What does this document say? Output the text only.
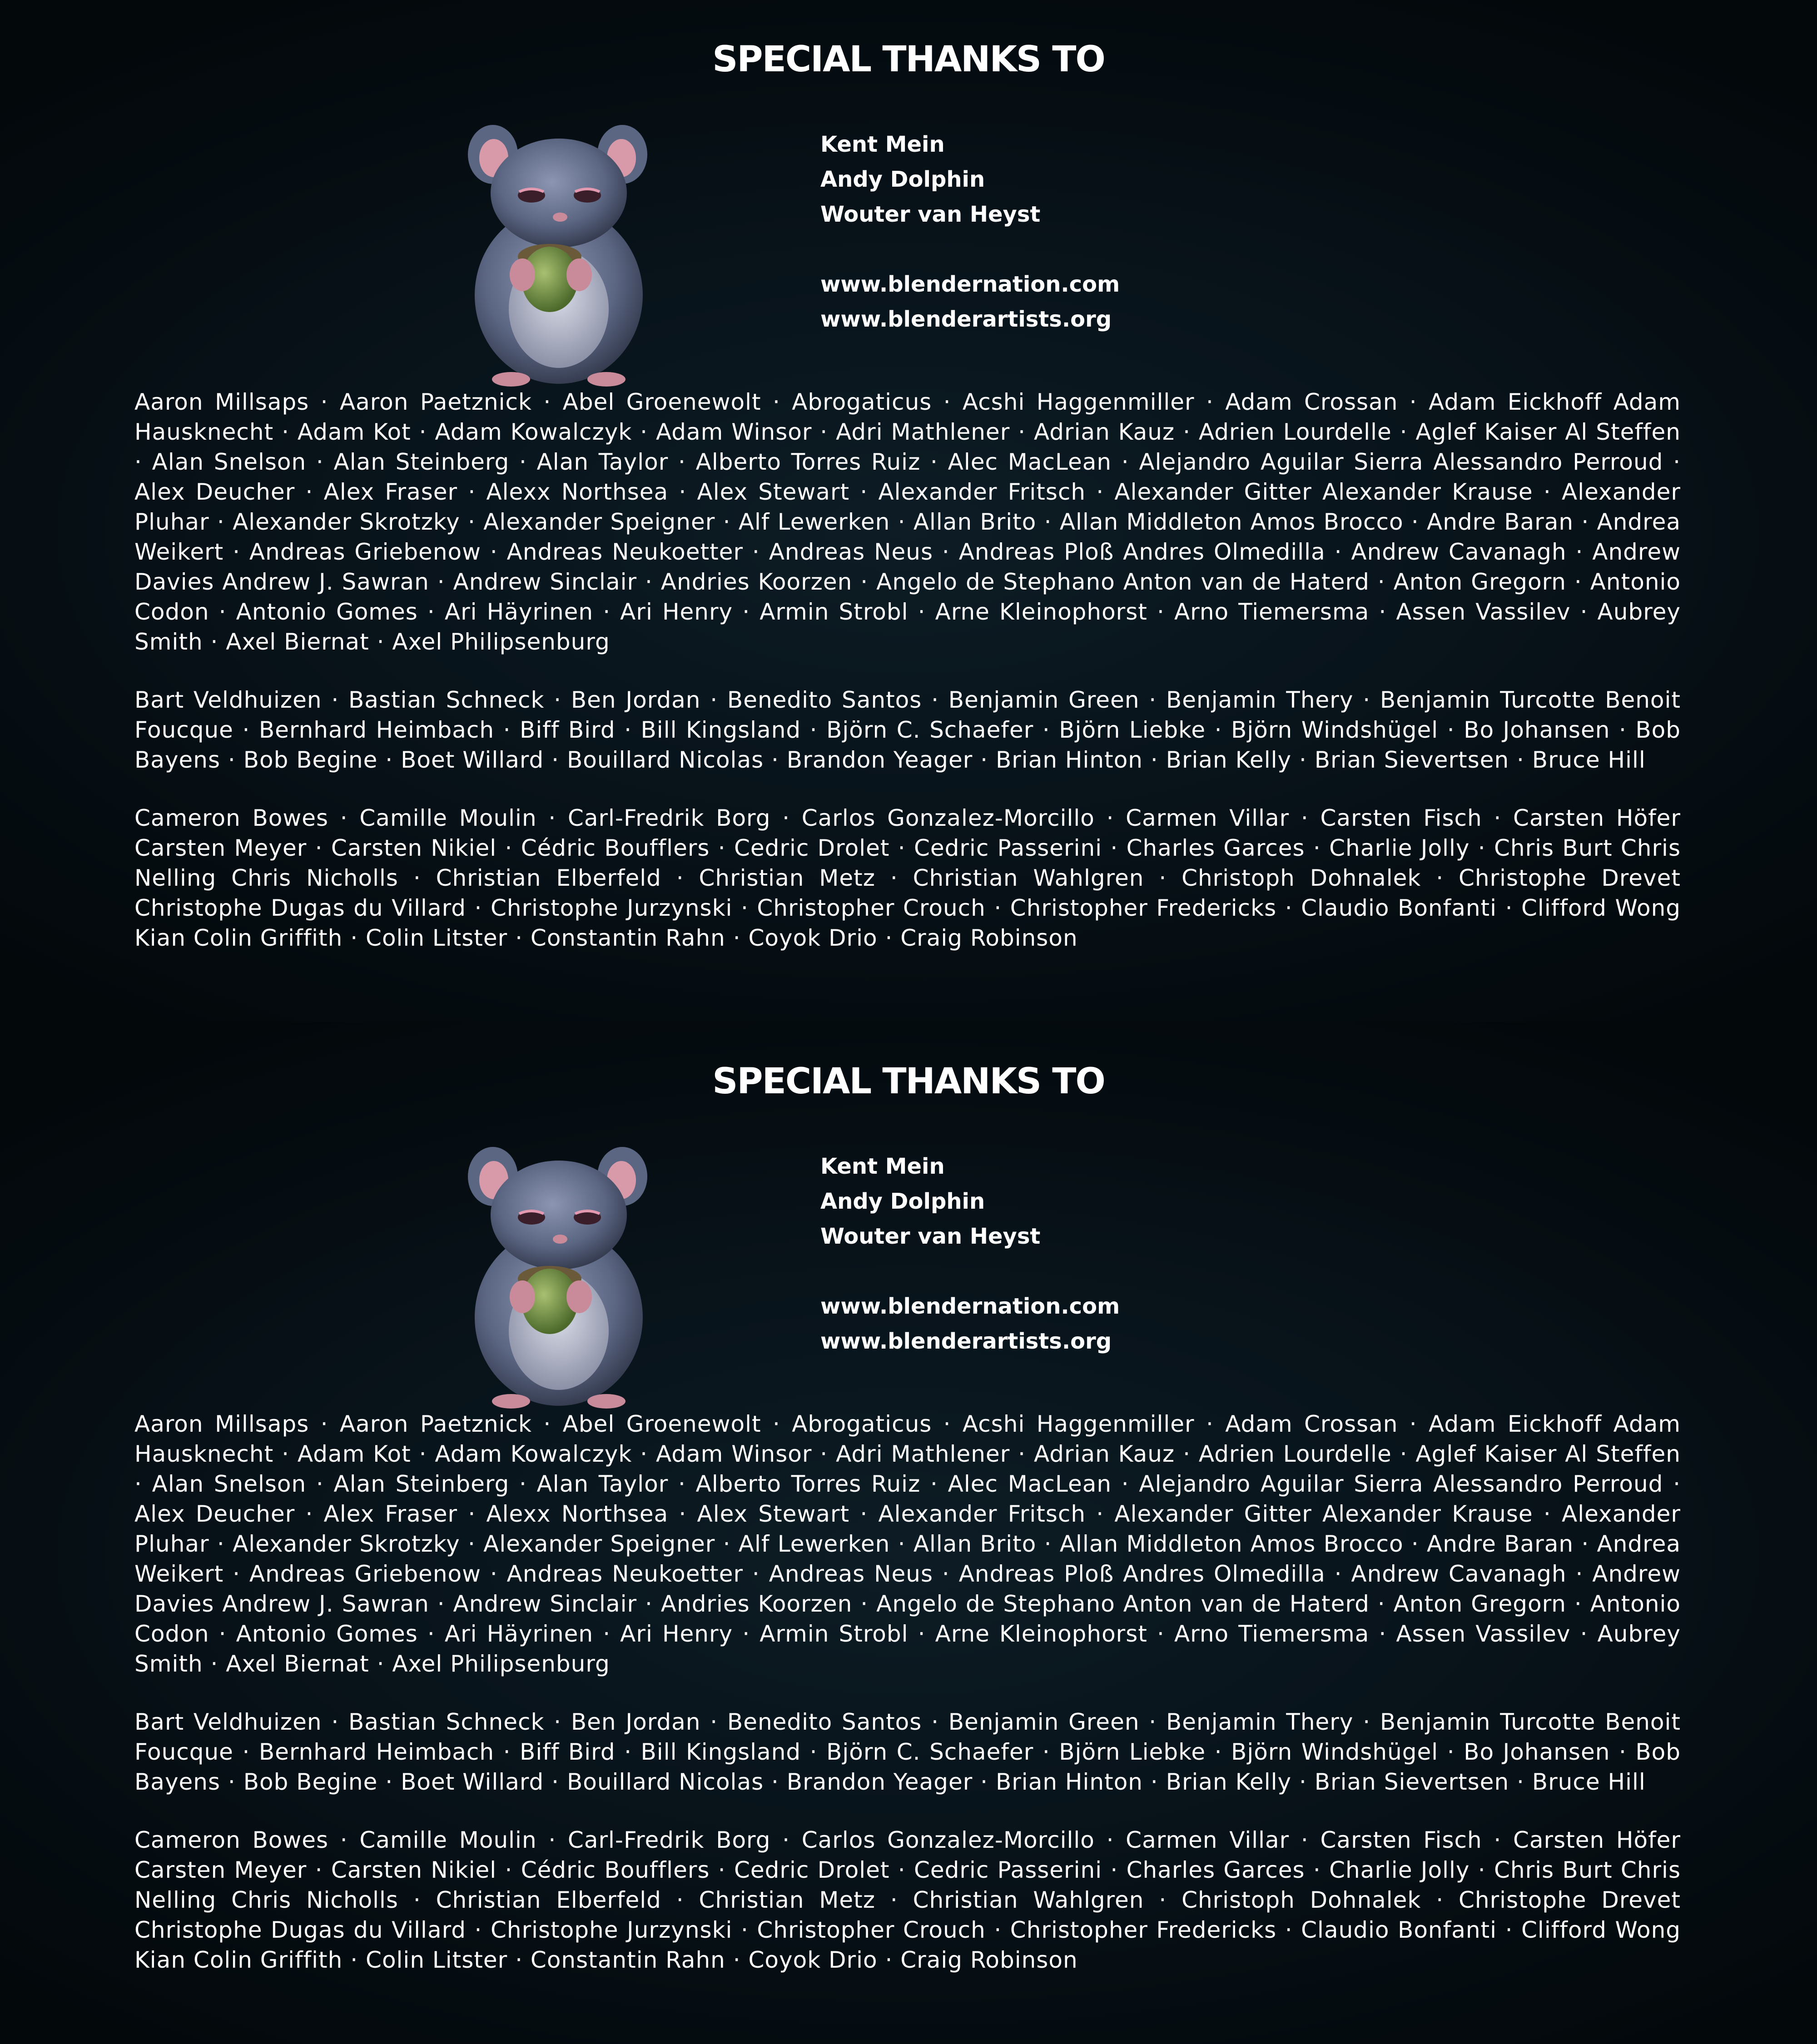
SPECIAL THANKS TO
Kent Mein
Andy Dolphin
Wouter van Heyst
www.blendernation.com
www.blenderartists.org

Aaron Millsaps · Aaron Paetznick · Abel Groenewolt · Abrogaticus · Acshi Haggenmiller · Adam Crossan · Adam Eickhoff Adam Hausknecht · Adam Kot · Adam Kowalczyk · Adam Winsor · Adri Mathlener · Adrian Kauz · Adrien Lourdelle · Aglef Kaiser Al Steffen · Alan Snelson · Alan Steinberg · Alan Taylor · Alberto Torres Ruiz · Alec MacLean · Alejandro Aguilar Sierra Alessandro Perroud · Alex Deucher · Alex Fraser · Alexx Northsea · Alex Stewart · Alexander Fritsch · Alexander Gitter Alexander Krause · Alexander Pluhar · Alexander Skrotzky · Alexander Speigner · Alf Lewerken · Allan Brito · Allan Middleton Amos Brocco · Andre Baran · Andrea Weikert · Andreas Griebenow · Andreas Neukoetter · Andreas Neus · Andreas Ploß Andres Olmedilla · Andrew Cavanagh · Andrew Davies Andrew J. Sawran · Andrew Sinclair · Andries Koorzen · Angelo de Stephano Anton van de Haterd · Anton Gregorn · Antonio Codon · Antonio Gomes · Ari Häyrinen · Ari Henry · Armin Strobl · Arne Kleinophorst · Arno Tiemersma · Assen Vassilev · Aubrey Smith · Axel Biernat · Axel Philipsenburg

Bart Veldhuizen · Bastian Schneck · Ben Jordan · Benedito Santos · Benjamin Green · Benjamin Thery · Benjamin Turcotte Benoit Foucque · Bernhard Heimbach · Biff Bird · Bill Kingsland · Björn C. Schaefer · Björn Liebke · Björn Windshügel · Bo Johansen · Bob Bayens · Bob Begine · Boet Willard · Bouillard Nicolas · Brandon Yeager · Brian Hinton · Brian Kelly · Brian Sievertsen · Bruce Hill

Cameron Bowes · Camille Moulin · Carl-Fredrik Borg · Carlos Gonzalez-Morcillo · Carmen Villar · Carsten Fisch · Carsten Höfer Carsten Meyer · Carsten Nikiel · Cédric Boufflers · Cedric Drolet · Cedric Passerini · Charles Garces · Charlie Jolly · Chris Burt Chris Nelling Chris Nicholls · Christian Elberfeld · Christian Metz · Christian Wahlgren · Christoph Dohnalek · Christophe Drevet Christophe Dugas du Villard · Christophe Jurzynski · Christopher Crouch · Christopher Fredericks · Claudio Bonfanti · Clifford Wong Kian Colin Griffith · Colin Litster · Constantin Rahn · Coyok Drio · Craig Robinson

SPECIAL THANKS TO
Kent Mein
Andy Dolphin
Wouter van Heyst
www.blendernation.com
www.blenderartists.org

Aaron Millsaps · Aaron Paetznick · Abel Groenewolt · Abrogaticus · Acshi Haggenmiller · Adam Crossan · Adam Eickhoff Adam Hausknecht · Adam Kot · Adam Kowalczyk · Adam Winsor · Adri Mathlener · Adrian Kauz · Adrien Lourdelle · Aglef Kaiser Al Steffen · Alan Snelson · Alan Steinberg · Alan Taylor · Alberto Torres Ruiz · Alec MacLean · Alejandro Aguilar Sierra Alessandro Perroud · Alex Deucher · Alex Fraser · Alexx Northsea · Alex Stewart · Alexander Fritsch · Alexander Gitter Alexander Krause · Alexander Pluhar · Alexander Skrotzky · Alexander Speigner · Alf Lewerken · Allan Brito · Allan Middleton Amos Brocco · Andre Baran · Andrea Weikert · Andreas Griebenow · Andreas Neukoetter · Andreas Neus · Andreas Ploß Andres Olmedilla · Andrew Cavanagh · Andrew Davies Andrew J. Sawran · Andrew Sinclair · Andries Koorzen · Angelo de Stephano Anton van de Haterd · Anton Gregorn · Antonio Codon · Antonio Gomes · Ari Häyrinen · Ari Henry · Armin Strobl · Arne Kleinophorst · Arno Tiemersma · Assen Vassilev · Aubrey Smith · Axel Biernat · Axel Philipsenburg

Bart Veldhuizen · Bastian Schneck · Ben Jordan · Benedito Santos · Benjamin Green · Benjamin Thery · Benjamin Turcotte Benoit Foucque · Bernhard Heimbach · Biff Bird · Bill Kingsland · Björn C. Schaefer · Björn Liebke · Björn Windshügel · Bo Johansen · Bob Bayens · Bob Begine · Boet Willard · Bouillard Nicolas · Brandon Yeager · Brian Hinton · Brian Kelly · Brian Sievertsen · Bruce Hill

Cameron Bowes · Camille Moulin · Carl-Fredrik Borg · Carlos Gonzalez-Morcillo · Carmen Villar · Carsten Fisch · Carsten Höfer Carsten Meyer · Carsten Nikiel · Cédric Boufflers · Cedric Drolet · Cedric Passerini · Charles Garces · Charlie Jolly · Chris Burt Chris Nelling Chris Nicholls · Christian Elberfeld · Christian Metz · Christian Wahlgren · Christoph Dohnalek · Christophe Drevet Christophe Dugas du Villard · Christophe Jurzynski · Christopher Crouch · Christopher Fredericks · Claudio Bonfanti · Clifford Wong Kian Colin Griffith · Colin Litster · Constantin Rahn · Coyok Drio · Craig Robinson
